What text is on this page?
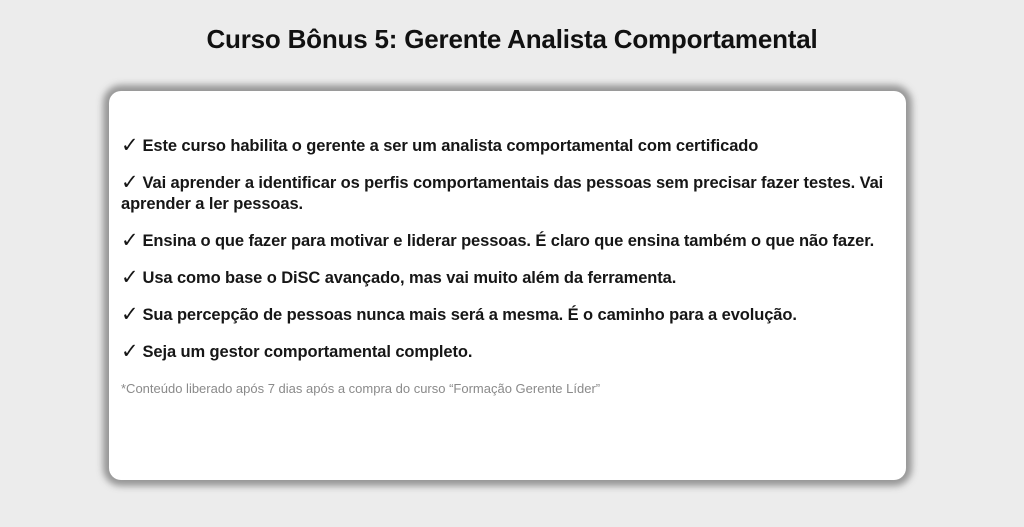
Curso Bônus 5: Gerente Analista Comportamental
✓ Este curso habilita o gerente a ser um analista comportamental com certificado
✓ Vai aprender a identificar os perfis comportamentais das pessoas sem precisar fazer testes. Vai aprender a ler pessoas.
✓ Ensina o que fazer para motivar e liderar pessoas. É claro que ensina também o que não fazer.
✓ Usa como base o DiSC avançado, mas vai muito além da ferramenta.
✓ Sua percepção de pessoas nunca mais será a mesma. É o caminho para a evolução.
✓ Seja um gestor comportamental completo.
*Conteúdo liberado após 7 dias após a compra do curso “Formação Gerente Líder”
